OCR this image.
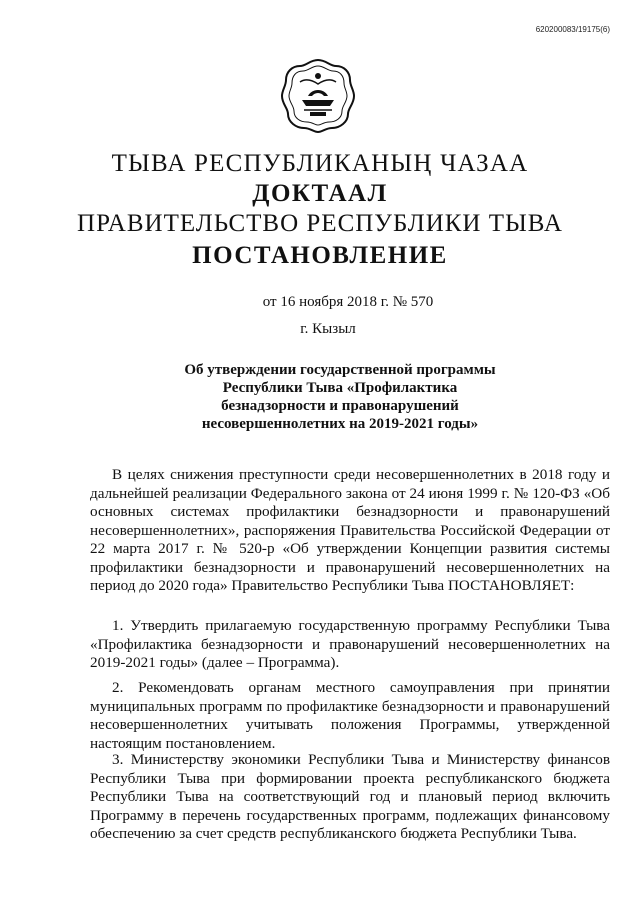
620200083/19175(6)
ТЫВА РЕСПУБЛИКАНЫҢ ЧАЗАА
ДОКТААЛ
ПРАВИТЕЛЬСТВО РЕСПУБЛИКИ ТЫВА
ПОСТАНОВЛЕНИЕ
от 16 ноября 2018 г. № 570
г. Кызыл
Об утверждении государственной программы
Республики Тыва «Профилактика
безнадзорности и правонарушений
несовершеннолетних на 2019-2021 годы»

В целях снижения преступности среди несовершеннолетних в 2018 году и дальнейшей реализации Федерального закона от 24 июня 1999 г. № 120-ФЗ «Об основных системах профилактики безнадзорности и правонарушений несовершеннолетних», распоряжения Правительства Российской Федерации от 22 марта 2017 г. № 520-р «Об утверждении Концепции развития системы профилактики безнадзорности и правонарушений несовершеннолетних на период до 2020 года» Правительство Республики Тыва ПОСТАНОВЛЯЕТ:

1. Утвердить прилагаемую государственную программу Республики Тыва «Профилактика безнадзорности и правонарушений несовершеннолетних на 2019-2021 годы» (далее – Программа).

2. Рекомендовать органам местного самоуправления при принятии муниципальных программ по профилактике безнадзорности и правонарушений несовершеннолетних учитывать положения Программы, утвержденной настоящим постановлением.

3. Министерству экономики Республики Тыва и Министерству финансов Республики Тыва при формировании проекта республиканского бюджета Республики Тыва на соответствующий год и плановый период включить Программу в перечень государственных программ, подлежащих финансовому обеспечению за счет средств республиканского бюджета Республики Тыва.
